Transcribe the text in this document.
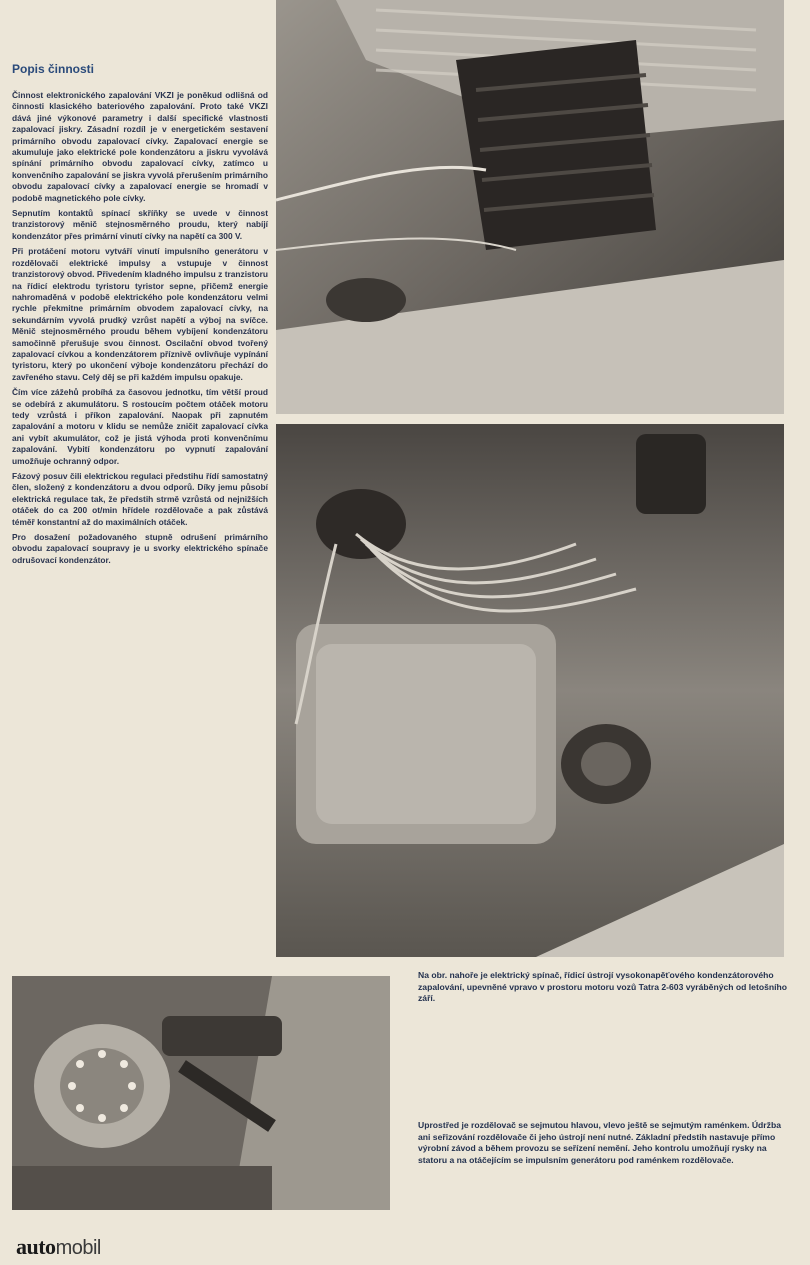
Popis činnosti

Činnost elektronického zapalování VKZI je poněkud odlišná od činnosti klasického bateriového zapalování. Proto také VKZI dává jiné výkonové parametry i další specifické vlastnosti zapalovací jiskry. Zásadní rozdíl je v energetickém sestavení primárního obvodu zapalovací cívky. Zapalovací energie se akumuluje jako elektrické pole kondenzátoru a jiskru vyvolává spínání primárního obvodu zapalovací cívky, zatímco u konvenčního zapalování se jiskra vyvolá přerušením primárního obvodu zapalovací cívky a zapalovací energie se hromadí v podobě magnetického pole cívky.

Sepnutím kontaktů spínací skříňky se uvede v činnost tranzistorový měnič stejnosměrného proudu, který nabíjí kondenzátor přes primární vinutí cívky na napětí ca 300 V.

Při protáčení motoru vytváří vinutí impulsního generátoru v rozdělovači elektrické impulsy a vstupuje v činnost tranzistorový obvod. Přivedením kladného impulsu z tranzistoru na řídicí elektrodu tyristoru tyristor sepne, přičemž energie nahromaděná v podobě elektrického pole kondenzátoru velmi rychle překmitne primárním obvodem zapalovací cívky, na sekundárním vyvolá prudký vzrůst napětí a výboj na svíčce. Měnič stejnosměrného proudu během vybíjení kondenzátoru samočinně přerušuje svou činnost. Oscilační obvod tvořený zapalovací cívkou a kondenzátorem příznivě ovlivňuje vypínání tyristoru, který po ukončení výboje kondenzátoru přechází do zavřeného stavu. Celý děj se při každém impulsu opakuje.

Čím více zážehů probíhá za časovou jednotku, tím větší proud se odebírá z akumulátoru. S rostoucím počtem otáček motoru tedy vzrůstá i příkon zapalování. Naopak při zapnutém zapalování a motoru v klidu se nemůže zničit zapalovací cívka ani vybít akumulátor, což je jistá výhoda proti konvenčnímu zapalování. Vybití kondenzátoru po vypnutí zapalování umožňuje ochranný odpor.

Fázový posuv čili elektrickou regulaci předstihu řídí samostatný člen, složený z kondenzátoru a dvou odporů. Díky jemu působí elektrická regulace tak, že předstih strmě vzrůstá od nejnižších otáček do ca 200 ot/min hřídele rozdělovače a pak zůstává téměř konstantní až do maximálních otáček.

Pro dosažení požadovaného stupně odrušení primárního obvodu zapalovací soupravy je u svorky elektrického spínače odrušovací kondenzátor.

Na obr. nahoře je elektrický spínač, řídicí ústrojí vysokonapěťového kondenzátorového zapalování, upevněné vpravo v prostoru motoru vozů Tatra 2-603 vyráběných od letošního září.
Uprostřed je rozdělovač se sejmutou hlavou, vlevo ještě se sejmutým raménkem. Údržba ani seřizování rozdělovače či jeho ústrojí není nutné. Základní předstih nastavuje přímo výrobní závod a během provozu se seřízení nemění. Jeho kontrolu umožňují rysky na statoru a na otáčejícím se impulsním generátoru pod raménkem rozdělovače.
automobil
